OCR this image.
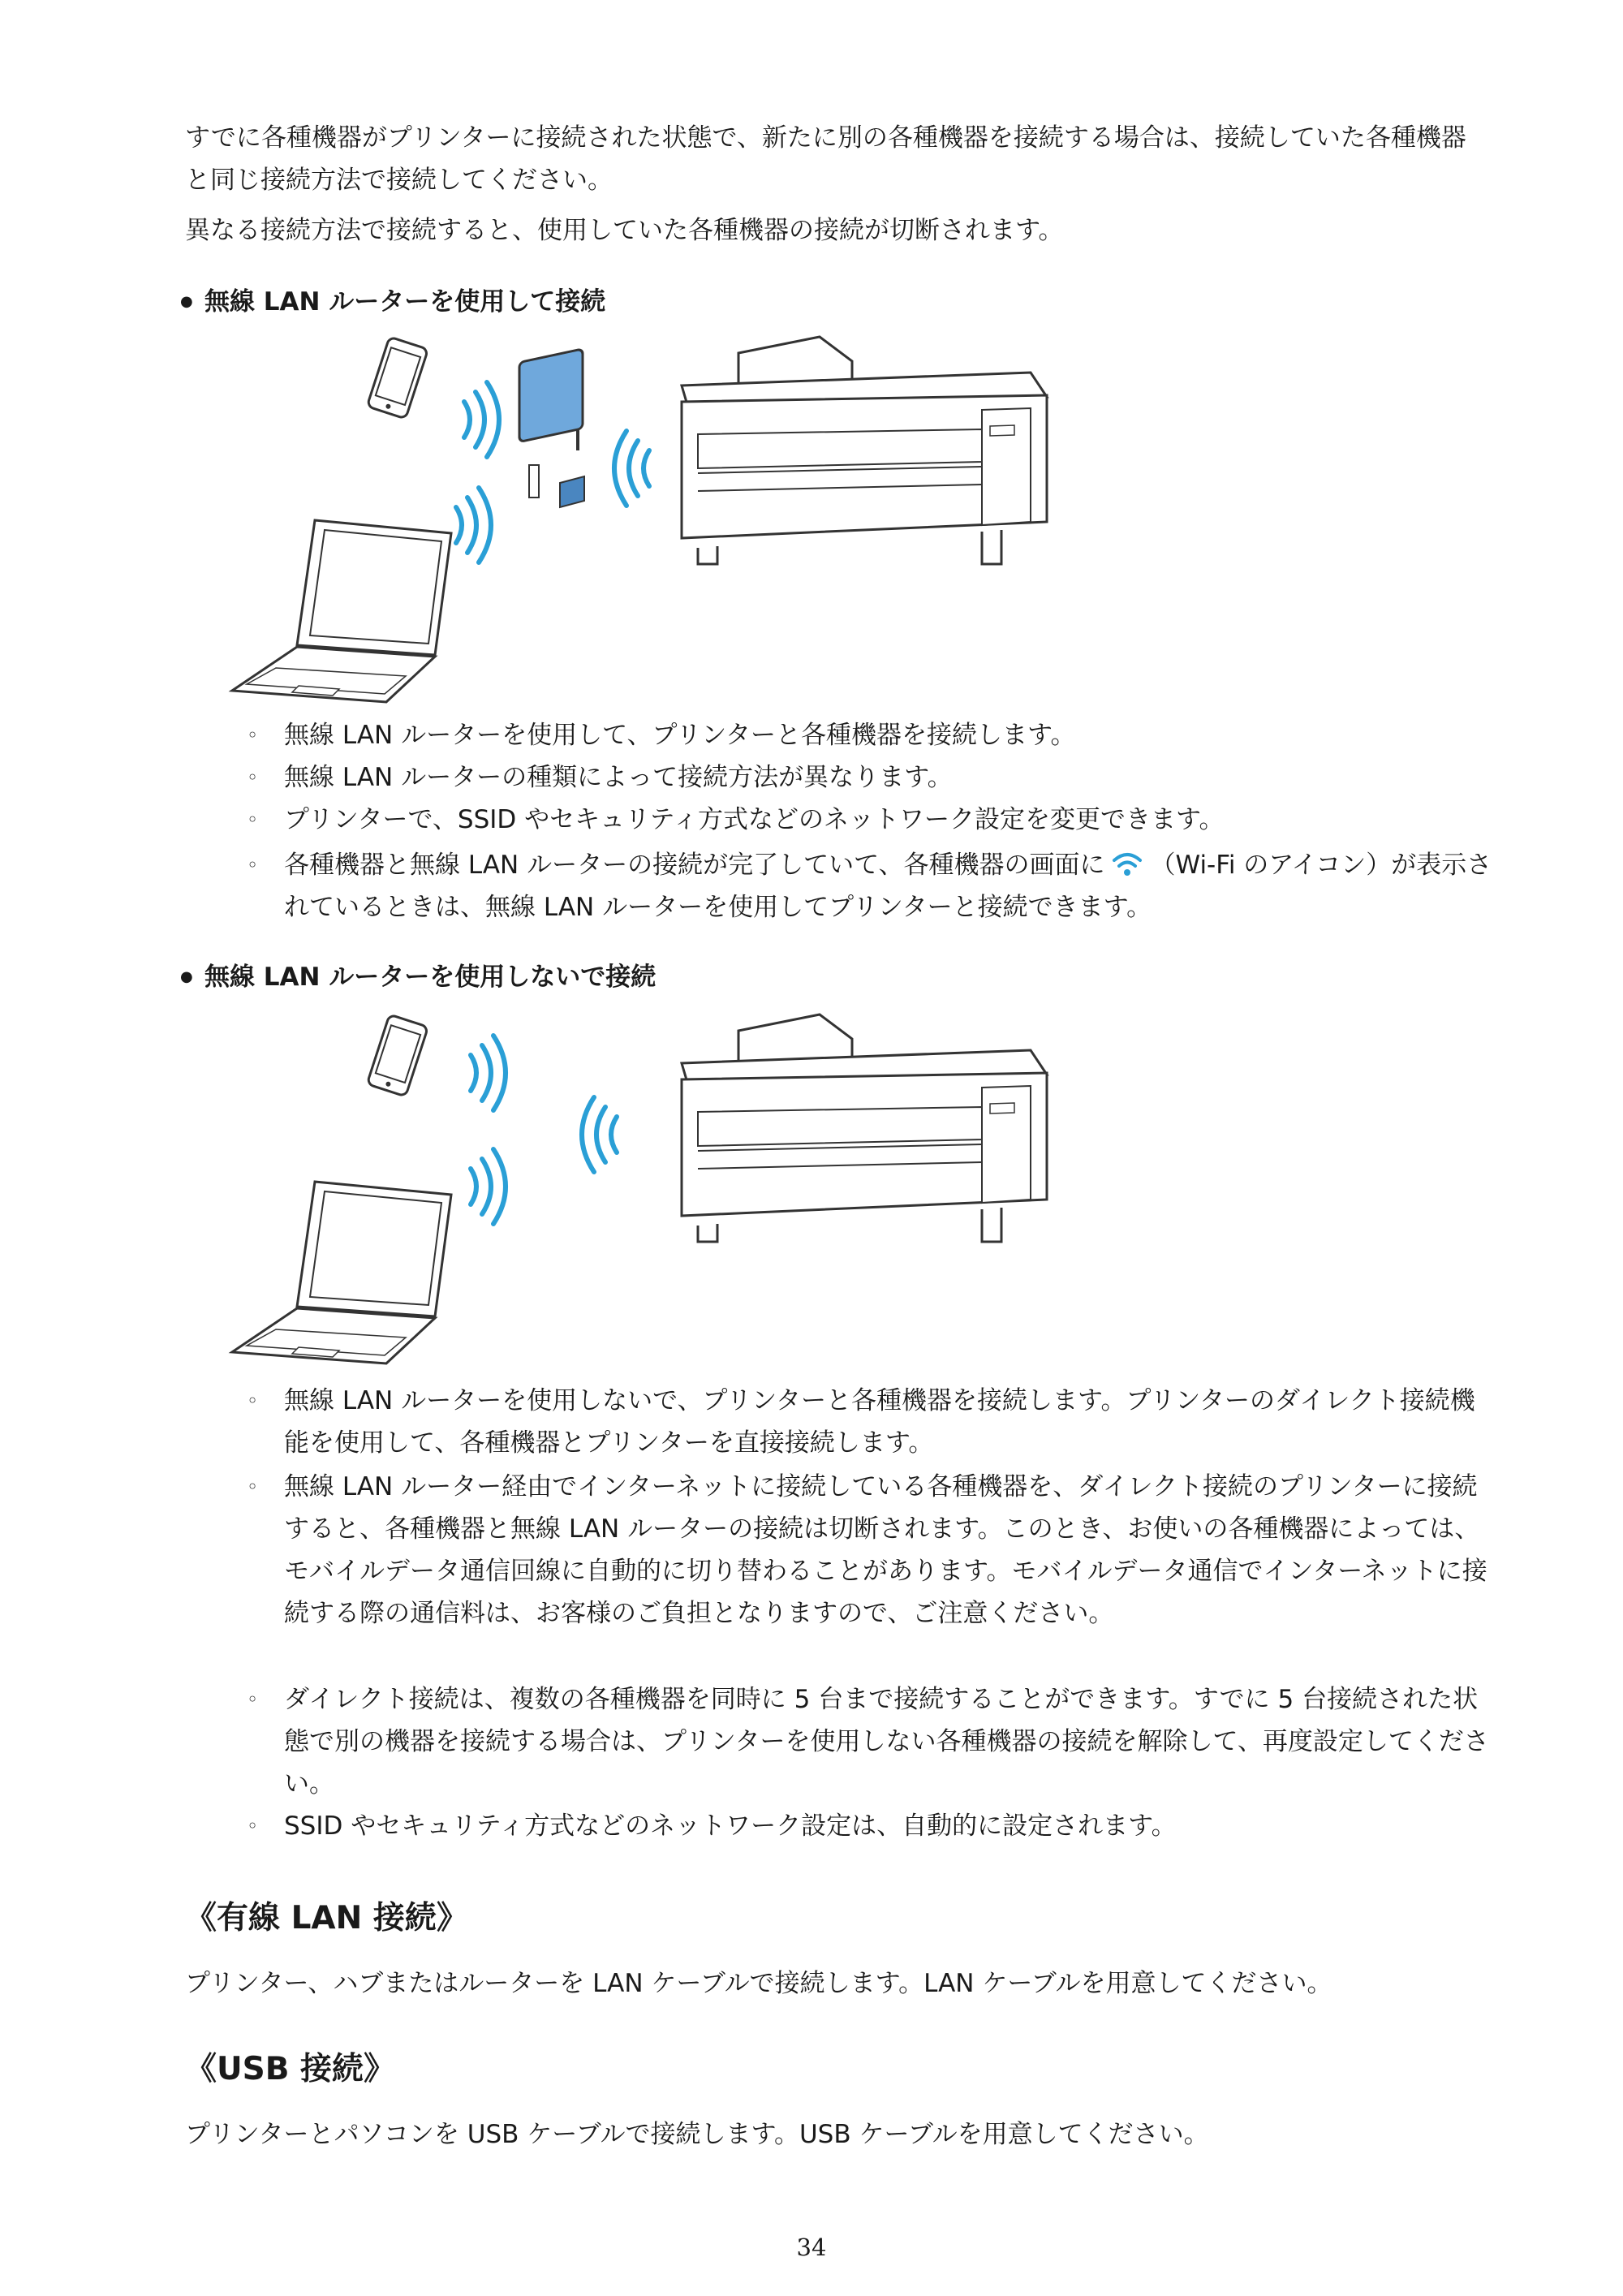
すでに各種機器がプリンターに接続された状態で、新たに別の各種機器を接続する場合は、接続していた各種機器と同じ接続方法で接続してください。

異なる接続方法で接続すると、使用していた各種機器の接続が切断されます。

● 無線 LAN ルーターを使用して接続
◦ 無線 LAN ルーターを使用して、プリンターと各種機器を接続します。
◦ 無線 LAN ルーターの種類によって接続方法が異なります。
◦ プリンターで、SSID やセキュリティ方式などのネットワーク設定を変更できます。
◦ 各種機器と無線 LAN ルーターの接続が完了していて、各種機器の画面に （Wi-Fi のアイコン）が表示されているときは、無線 LAN ルーターを使用してプリンターと接続できます。
● 無線 LAN ルーターを使用しないで接続
◦ 無線 LAN ルーターを使用しないで、プリンターと各種機器を接続します。プリンターのダイレクト接続機能を使用して、各種機器とプリンターを直接接続します。
◦ 無線 LAN ルーター経由でインターネットに接続している各種機器を、ダイレクト接続のプリンターに接続すると、各種機器と無線 LAN ルーターの接続は切断されます。このとき、お使いの各種機器によっては、モバイルデータ通信回線に自動的に切り替わることがあります。モバイルデータ通信でインターネットに接続する際の通信料は、お客様のご負担となりますので、ご注意ください。
◦ ダイレクト接続は、複数の各種機器を同時に 5 台まで接続することができます。すでに 5 台接続された状態で別の機器を接続する場合は、プリンターを使用しない各種機器の接続を解除して、再度設定してください。
◦ SSID やセキュリティ方式などのネットワーク設定は、自動的に設定されます。
《有線 LAN 接続》

プリンター、ハブまたはルーターを LAN ケーブルで接続します。LAN ケーブルを用意してください。

《USB 接続》

プリンターとパソコンを USB ケーブルで接続します。USB ケーブルを用意してください。

34
